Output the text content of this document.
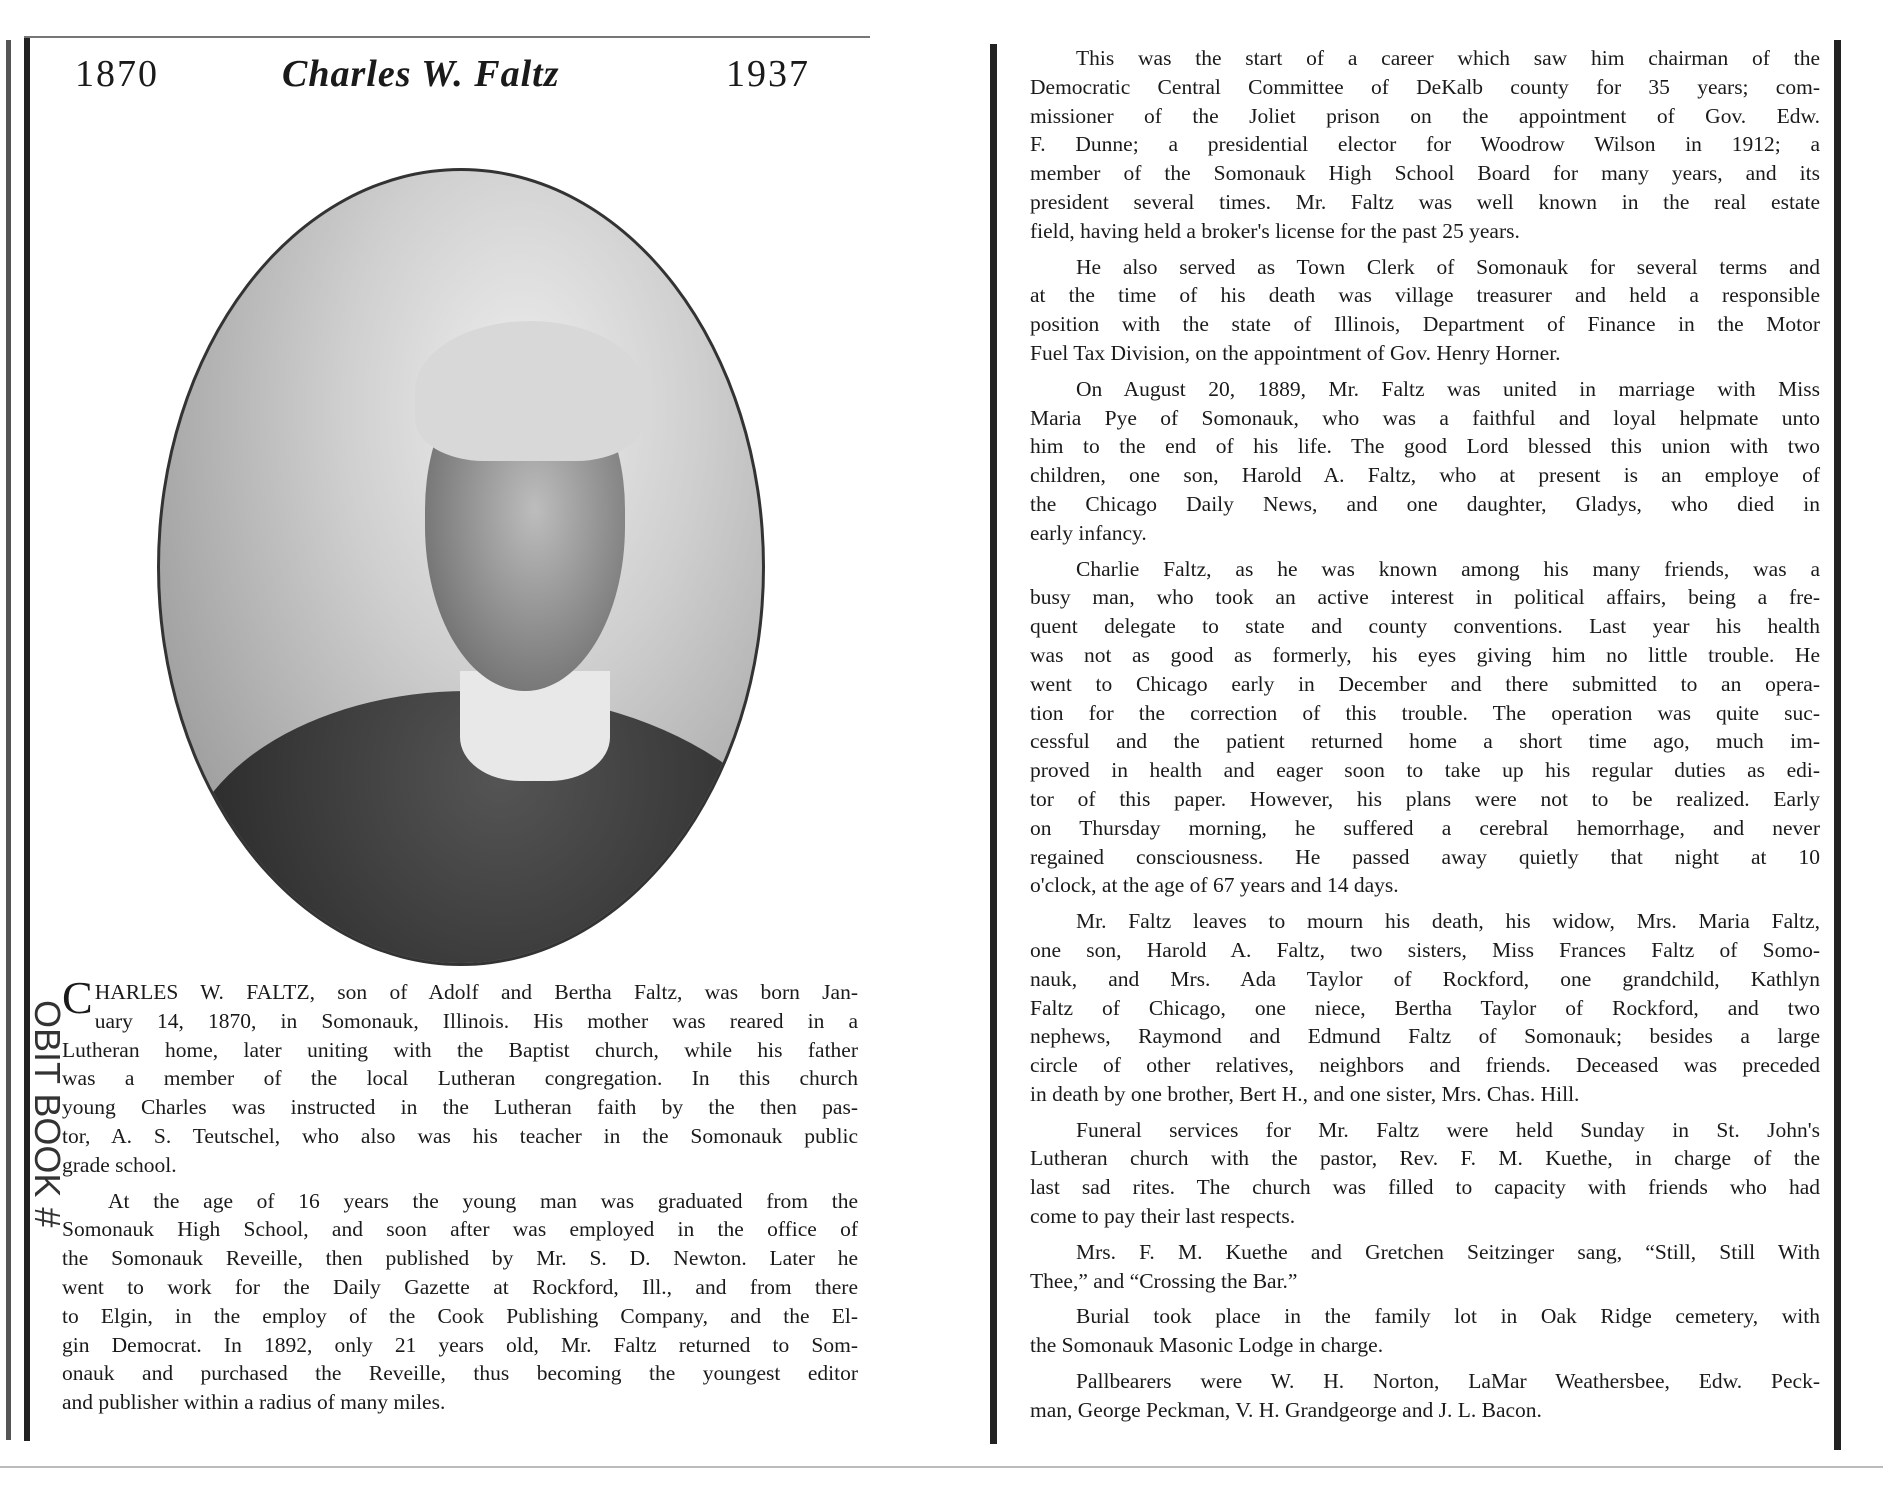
OBIT BOOK #
1870	Charles W. Faltz	1937
C HARLES W. FALTZ, son of Adolf and Bertha Faltz, was born Jan-
uary 14, 1870, in Somonauk, Illinois. His mother was reared in a
Lutheran home, later uniting with the Baptist church, while his father
was a member of the local Lutheran congregation. In this church
young Charles was instructed in the Lutheran faith by the then pas-
tor, A. S. Teutschel, who also was his teacher in the Somonauk public
grade school.
At the age of 16 years the young man was graduated from the
Somonauk High School, and soon after was employed in the office of
the Somonauk Reveille, then published by Mr. S. D. Newton. Later he
went to work for the Daily Gazette at Rockford, Ill., and from there
to Elgin, in the employ of the Cook Publishing Company, and the El-
gin Democrat. In 1892, only 21 years old, Mr. Faltz returned to Som-
onauk and purchased the Reveille, thus becoming the youngest editor
and publisher within a radius of many miles.
This was the start of a career which saw him chairman of the
Democratic Central Committee of DeKalb county for 35 years; com-
missioner of the Joliet prison on the appointment of Gov. Edw.
F. Dunne; a presidential elector for Woodrow Wilson in 1912; a
member of the Somonauk High School Board for many years, and its
president several times. Mr. Faltz was well known in the real estate
field, having held a broker's license for the past 25 years.
He also served as Town Clerk of Somonauk for several terms and
at the time of his death was village treasurer and held a responsible
position with the state of Illinois, Department of Finance in the Motor
Fuel Tax Division, on the appointment of Gov. Henry Horner.
On August 20, 1889, Mr. Faltz was united in marriage with Miss
Maria Pye of Somonauk, who was a faithful and loyal helpmate unto
him to the end of his life. The good Lord blessed this union with two
children, one son, Harold A. Faltz, who at present is an employe of
the Chicago Daily News, and one daughter, Gladys, who died in
early infancy.
Charlie Faltz, as he was known among his many friends, was a
busy man, who took an active interest in political affairs, being a fre-
quent delegate to state and county conventions. Last year his health
was not as good as formerly, his eyes giving him no little trouble. He
went to Chicago early in December and there submitted to an opera-
tion for the correction of this trouble. The operation was quite suc-
cessful and the patient returned home a short time ago, much im-
proved in health and eager soon to take up his regular duties as edi-
tor of this paper. However, his plans were not to be realized. Early
on Thursday morning, he suffered a cerebral hemorrhage, and never
regained consciousness. He passed away quietly that night at 10
o'clock, at the age of 67 years and 14 days.
Mr. Faltz leaves to mourn his death, his widow, Mrs. Maria Faltz,
one son, Harold A. Faltz, two sisters, Miss Frances Faltz of Somo-
nauk, and Mrs. Ada Taylor of Rockford, one grandchild, Kathlyn
Faltz of Chicago, one niece, Bertha Taylor of Rockford, and two
nephews, Raymond and Edmund Faltz of Somonauk; besides a large
circle of other relatives, neighbors and friends. Deceased was preceded
in death by one brother, Bert H., and one sister, Mrs. Chas. Hill.
Funeral services for Mr. Faltz were held Sunday in St. John's
Lutheran church with the pastor, Rev. F. M. Kuethe, in charge of the
last sad rites. The church was filled to capacity with friends who had
come to pay their last respects.
Mrs. F. M. Kuethe and Gretchen Seitzinger sang, “Still, Still With
Thee,” and “Crossing the Bar.”
Burial took place in the family lot in Oak Ridge cemetery, with
the Somonauk Masonic Lodge in charge.
Pallbearers were W. H. Norton, LaMar Weathersbee, Edw. Peck-
man, George Peckman, V. H. Grandgeorge and J. L. Bacon.
